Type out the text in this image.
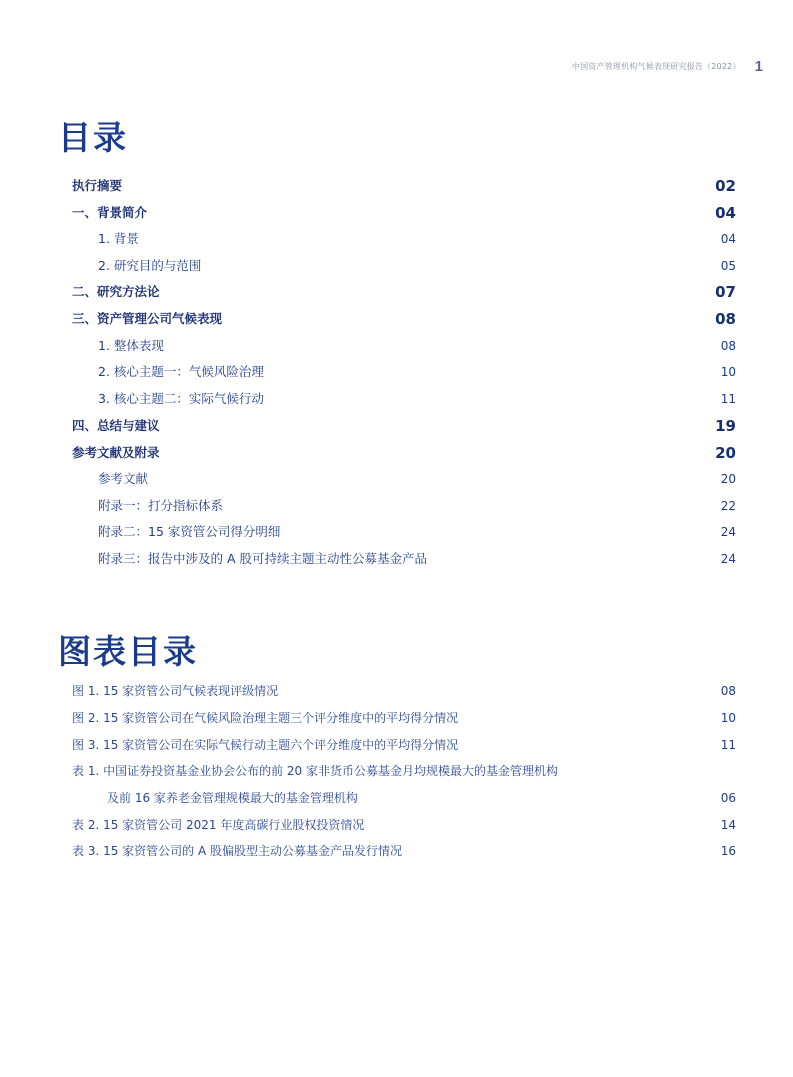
中国资产管理机构气候表现研究报告（2022） 1
目录
执行摘要	02
一、背景简介	04
1. 背景	04
2. 研究目的与范围	05
二、研究方法论	07
三、资产管理公司气候表现	08
1. 整体表现	08
2. 核心主题一：气候风险治理	10
3. 核心主题二：实际气候行动	11
四、总结与建议	19
参考文献及附录	20
参考文献	20
附录一：打分指标体系	22
附录二：15 家资管公司得分明细	24
附录三：报告中涉及的 A 股可持续主题主动性公募基金产品	24
图表目录
图 1. 15 家资管公司气候表现评级情况	08
图 2. 15 家资管公司在气候风险治理主题三个评分维度中的平均得分情况	10
图 3. 15 家资管公司在实际气候行动主题六个评分维度中的平均得分情况	11
表 1. 中国证券投资基金业协会公布的前 20 家非货币公募基金月均规模最大的基金管理机构
及前 16 家养老金管理规模最大的基金管理机构	06
表 2. 15 家资管公司 2021 年度高碳行业股权投资情况	14
表 3. 15 家资管公司的 A 股偏股型主动公募基金产品发行情况	16
